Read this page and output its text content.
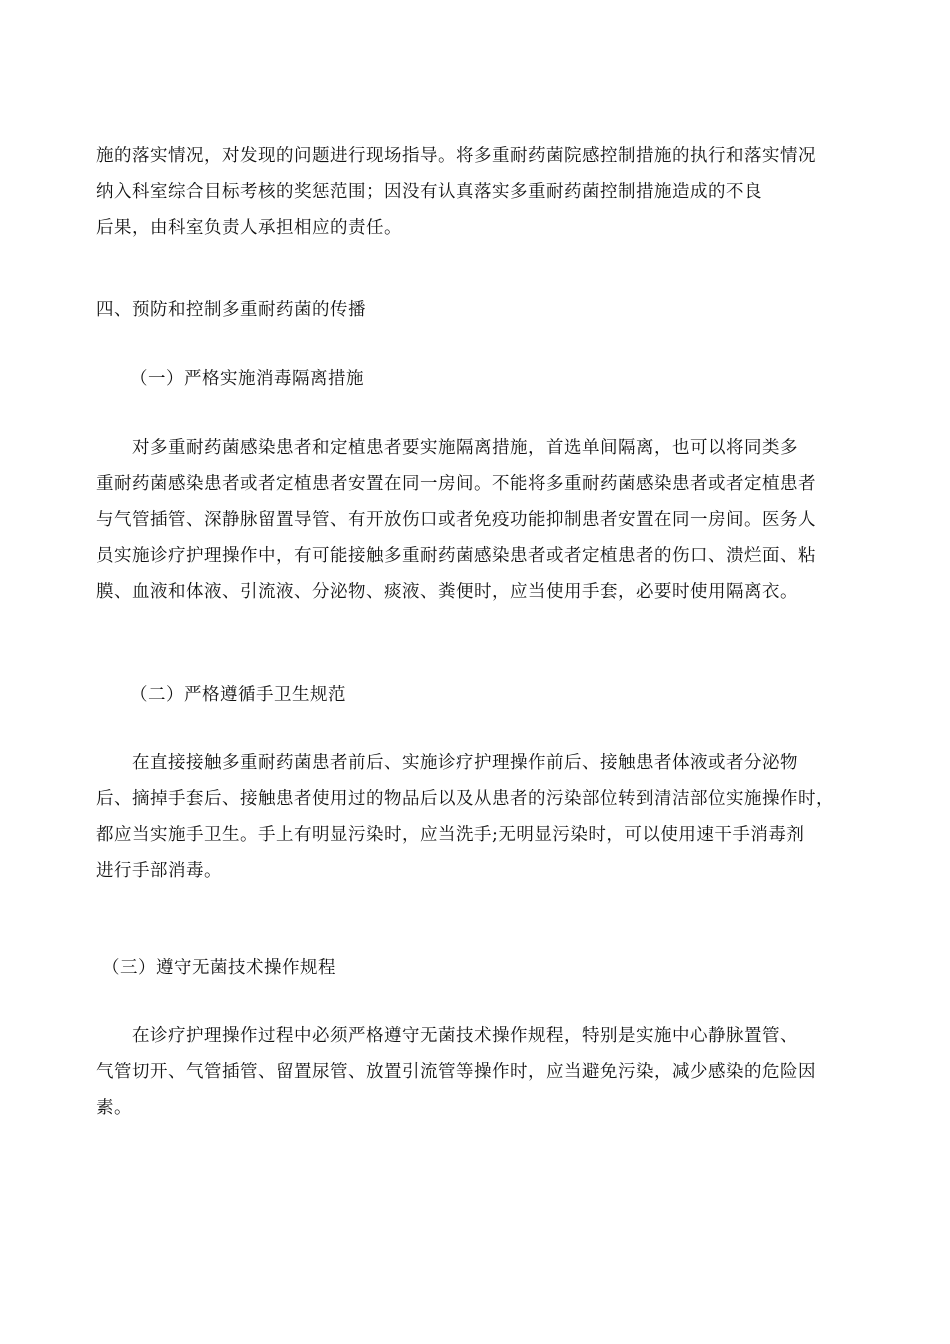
施的落实情况，对发现的问题进行现场指导。将多重耐药菌院感控制措施的执行和落实情况
纳入科室综合目标考核的奖惩范围；因没有认真落实多重耐药菌控制措施造成的不良
后果，由科室负责人承担相应的责任。
四、预防和控制多重耐药菌的传播
（一）严格实施消毒隔离措施
对多重耐药菌感染患者和定植患者要实施隔离措施，首选单间隔离，也可以将同类多
重耐药菌感染患者或者定植患者安置在同一房间。不能将多重耐药菌感染患者或者定植患者
与气管插管、深静脉留置导管、有开放伤口或者免疫功能抑制患者安置在同一房间。医务人
员实施诊疗护理操作中，有可能接触多重耐药菌感染患者或者定植患者的伤口、溃烂面、粘
膜、血液和体液、引流液、分泌物、痰液、粪便时，应当使用手套，必要时使用隔离衣。
（二）严格遵循手卫生规范
在直接接触多重耐药菌患者前后、实施诊疗护理操作前后、接触患者体液或者分泌物
后、摘掉手套后、接触患者使用过的物品后以及从患者的污染部位转到清洁部位实施操作时，
都应当实施手卫生。手上有明显污染时，应当洗手;无明显污染时，可以使用速干手消毒剂
进行手部消毒。
（三）遵守无菌技术操作规程
在诊疗护理操作过程中必须严格遵守无菌技术操作规程，特别是实施中心静脉置管、
气管切开、气管插管、留置尿管、放置引流管等操作时，应当避免污染，减少感染的危险因
素。
